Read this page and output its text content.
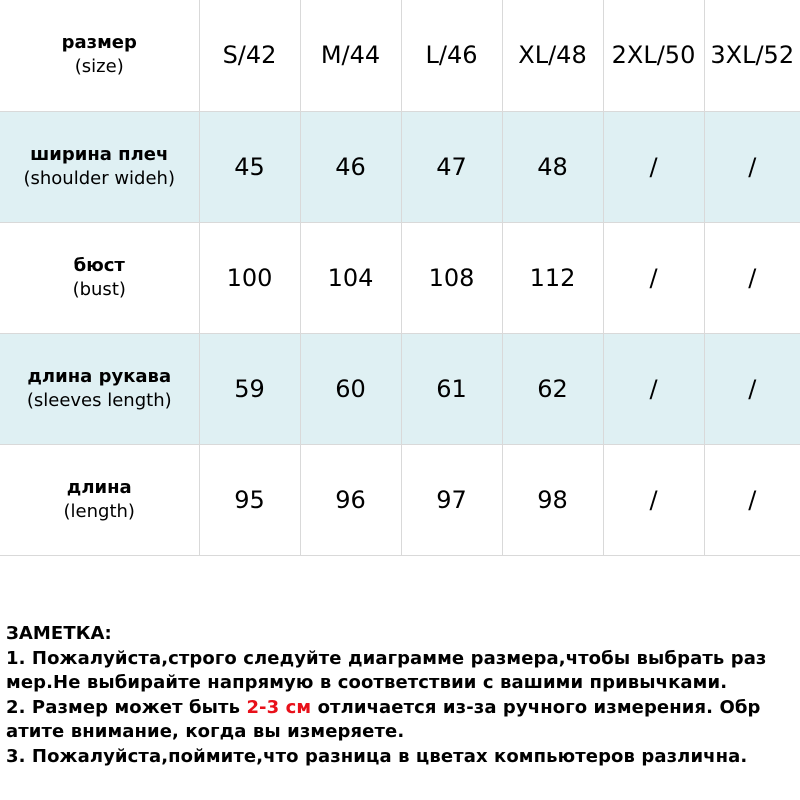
размер
(size)	S/42	M/44	L/46	XL/48	2XL/50	3XL/52

ширина плеч
(shoulder wideh)	45	46	47	48	/	/

бюст
(bust)	100	104	108	112	/	/

длина рукава
(sleeves length)	59	60	61	62	/	/

длина
(length)	95	96	97	98	/	/

ЗАМЕТКА:

1. Пожалуйста,строго следуйте диаграмме размера,чтобы выбрать раз

мер.Не выбирайте напрямую в соответствии с вашими привычками.

2. Размер может быть 2-3 см отличается из-за ручного измерения. Обр

атите внимание, когда вы измеряете.

3. Пожалуйста,поймите,что разница в цветах компьютеров различна.
